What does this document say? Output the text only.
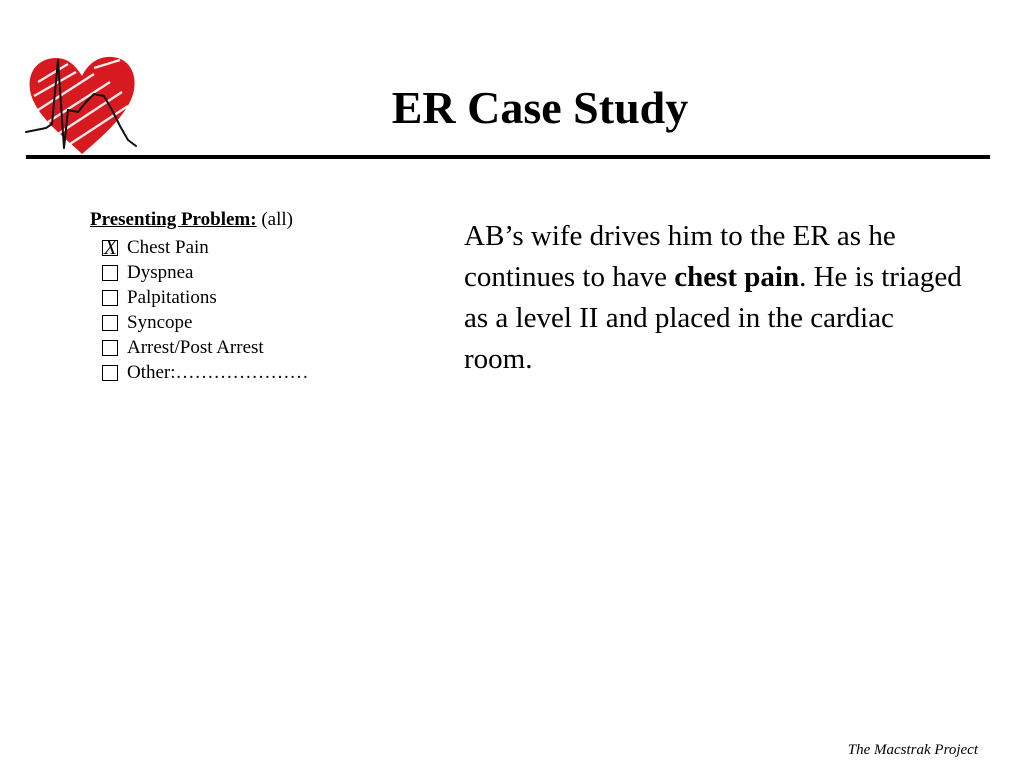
ER Case Study
Presenting Problem: (all)
X Chest Pain
Dyspnea
Palpitations
Syncope
Arrest/Post Arrest
Other:…………………

AB’s wife drives him to the ER as he continues to have chest pain. He is triaged as a level II and placed in the cardiac room.

The Macstrak Project
